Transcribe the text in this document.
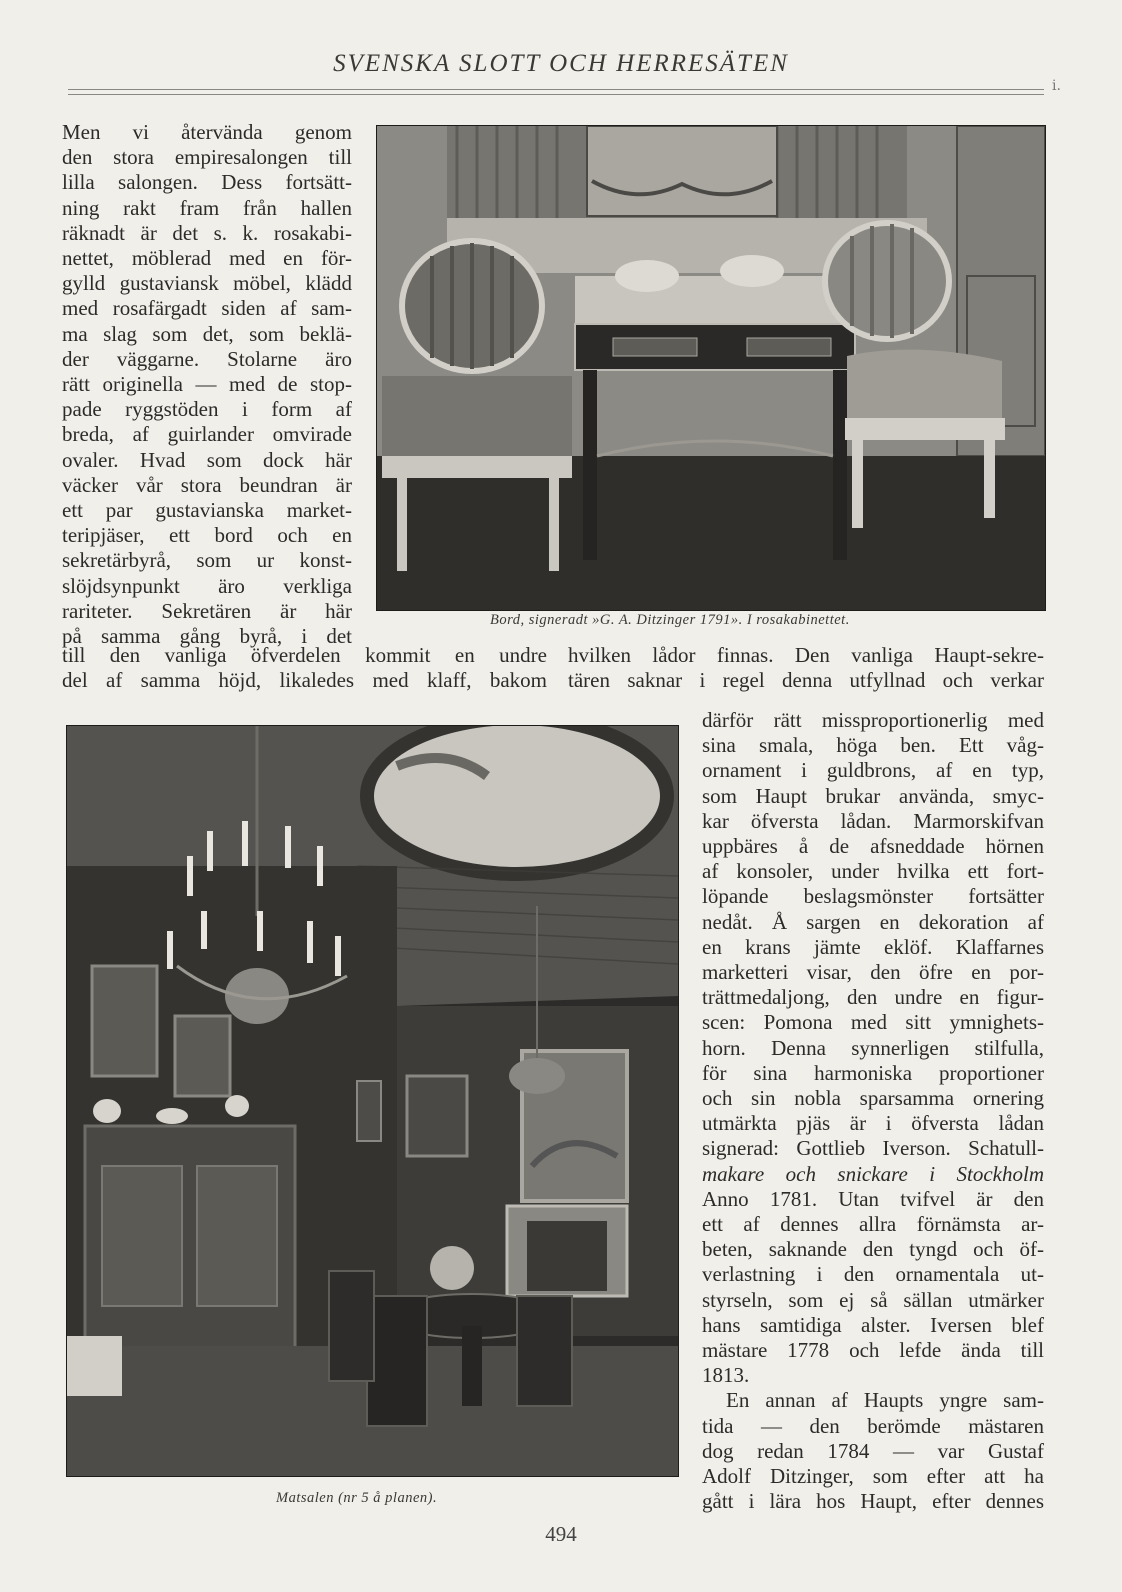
SVENSKA SLOTT OCH HERRESÄTEN
i.

Men vi återvända genom

den stora empiresalongen till

lilla salongen. Dess fortsätt-

ning rakt fram från hallen

räknadt är det s. k. rosakabi-

nettet, möblerad med en för-

gylld gustaviansk möbel, klädd

med rosafärgadt siden af sam-

ma slag som det, som beklä-

der väggarne. Stolarne äro

rätt originella — med de stop-

pade ryggstöden i form af

breda, af guirlander omvirade

ovaler. Hvad som dock här

väcker vår stora beundran är

ett par gustavianska market-

teripjäser, ett bord och en

sekretärbyrå, som ur konst-

slöjdsynpunkt äro verkliga

rariteter. Sekretären är här

på samma gång byrå, i det

Bord, signeradt »G. A. Ditzinger 1791». I rosakabinettet.

till den vanliga öfverdelen kommit en undre

del af samma höjd, likaledes med klaff, bakom

hvilken lådor finnas. Den vanliga Haupt-sekre-

tären saknar i regel denna utfyllnad och verkar

Matsalen (nr 5 å planen).

därför rätt missproportionerlig med

sina smala, höga ben. Ett våg-

ornament i guldbrons, af en typ,

som Haupt brukar använda, smyc-

kar öfversta lådan. Marmorskifvan

uppbäres å de afsneddade hörnen

af konsoler, under hvilka ett fort-

löpande beslagsmönster fortsätter

nedåt. Å sargen en dekoration af

en krans jämte eklöf. Klaffarnes

marketteri visar, den öfre en por-

trättmedaljong, den undre en figur-

scen: Pomona med sitt ymnighets-

horn. Denna synnerligen stilfulla,

för sina harmoniska proportioner

och sin nobla sparsamma ornering

utmärkta pjäs är i öfversta lådan

signerad: Gottlieb Iverson. Schatull-

makare och snickare i Stockholm

Anno 1781. Utan tvifvel är den

ett af dennes allra förnämsta ar-

beten, saknande den tyngd och öf-

verlastning i den ornamentala ut-

styrseln, som ej så sällan utmärker

hans samtidiga alster. Iversen blef

mästare 1778 och lefde ända till

1813.

En annan af Haupts yngre sam-

tida — den berömde mästaren

dog redan 1784 — var Gustaf

Adolf Ditzinger, som efter att ha

gått i lära hos Haupt, efter dennes

494
